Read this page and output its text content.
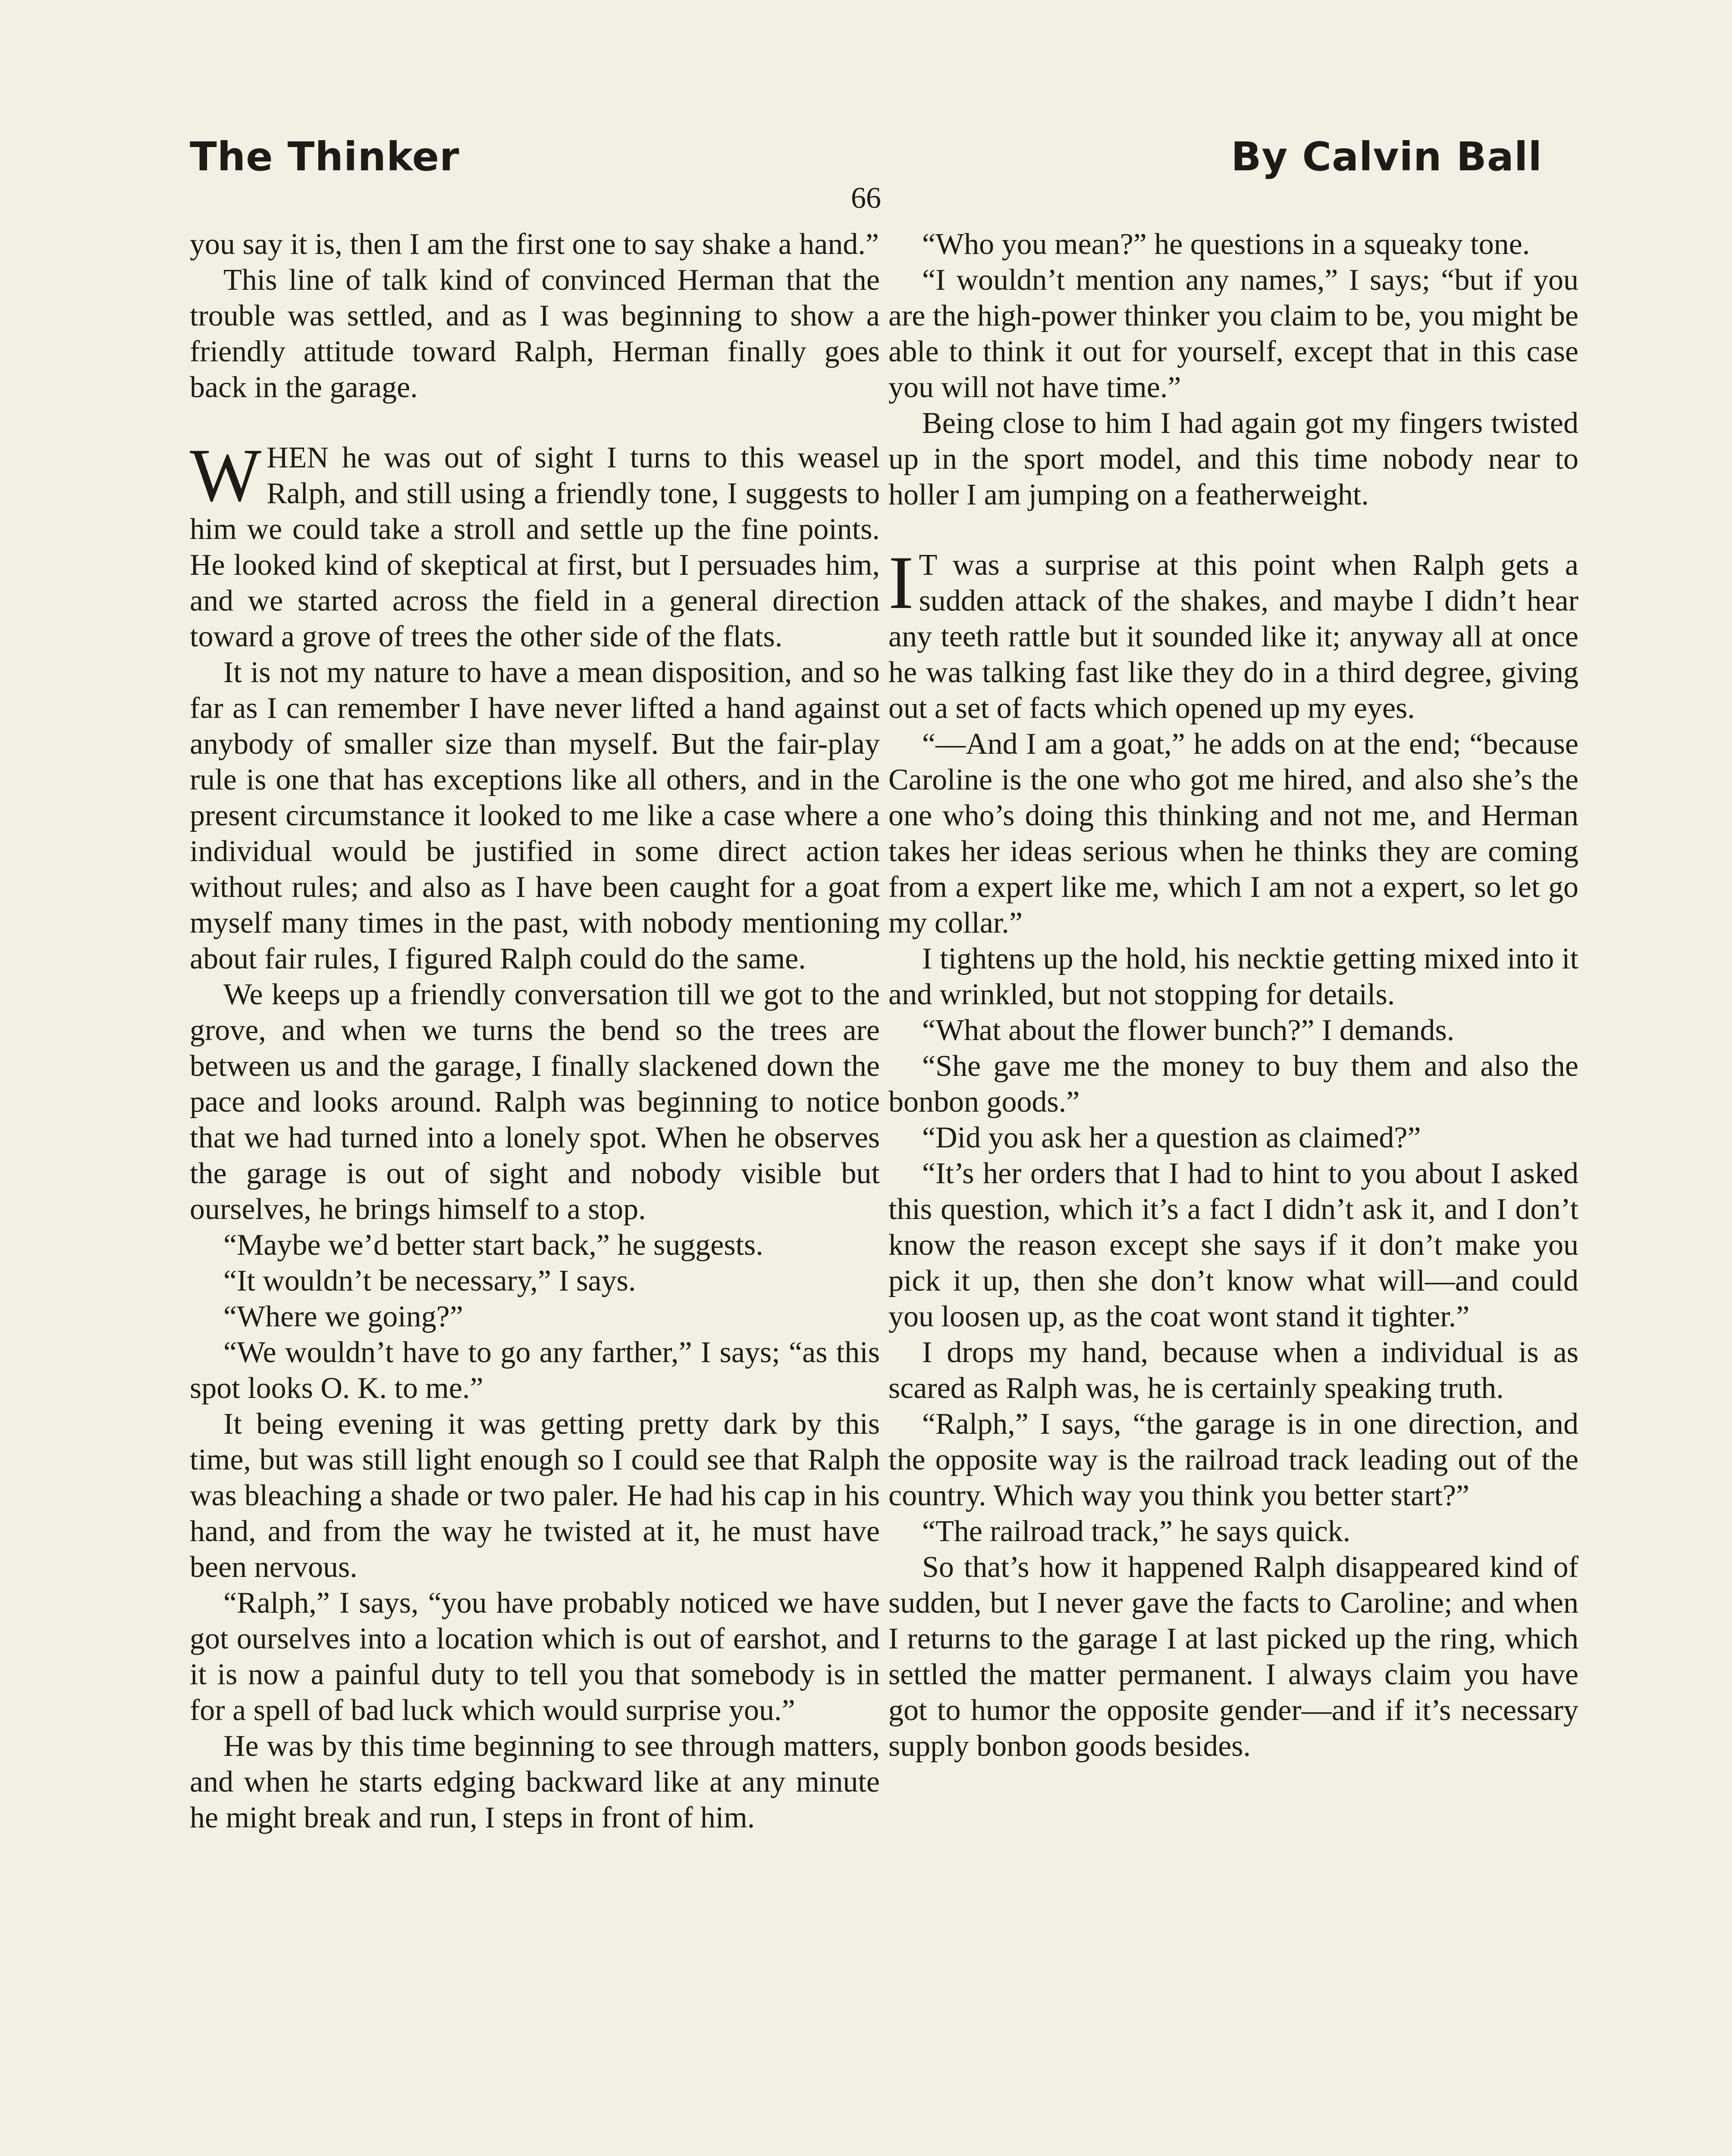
The Thinker	By Calvin Ball
66

you say it is, then I am the first one to say shake a hand.”

This line of talk kind of convinced Herman that the trouble was settled, and as I was beginning to show a friendly attitude toward Ralph, Herman finally goes back in the garage.

WHEN he was out of sight I turns to this weasel Ralph, and still using a friendly tone, I suggests to him we could take a stroll and settle up the fine points. He looked kind of skeptical at first, but I persuades him, and we started across the field in a general direction toward a grove of trees the other side of the flats.

It is not my nature to have a mean disposition, and so far as I can remember I have never lifted a hand against anybody of smaller size than myself. But the fair-play rule is one that has exceptions like all others, and in the present circumstance it looked to me like a case where a individual would be justified in some direct action without rules; and also as I have been caught for a goat myself many times in the past, with nobody mentioning about fair rules, I figured Ralph could do the same.

We keeps up a friendly conversation till we got to the grove, and when we turns the bend so the trees are between us and the garage, I finally slackened down the pace and looks around. Ralph was beginning to notice that we had turned into a lonely spot. When he observes the garage is out of sight and nobody visible but ourselves, he brings himself to a stop.

“Maybe we’d better start back,” he suggests.

“It wouldn’t be necessary,” I says.

“Where we going?”

“We wouldn’t have to go any farther,” I says; “as this spot looks O. K. to me.”

It being evening it was getting pretty dark by this time, but was still light enough so I could see that Ralph was bleaching a shade or two paler. He had his cap in his hand, and from the way he twisted at it, he must have been nervous.

“Ralph,” I says, “you have probably noticed we have got ourselves into a location which is out of earshot, and it is now a painful duty to tell you that somebody is in for a spell of bad luck which would surprise you.”

He was by this time beginning to see through matters, and when he starts edging backward like at any minute he might break and run, I steps in front of him.

“Who you mean?” he questions in a squeaky tone.

“I wouldn’t mention any names,” I says; “but if you are the high-power thinker you claim to be, you might be able to think it out for yourself, except that in this case you will not have time.”

Being close to him I had again got my fingers twisted up in the sport model, and this time nobody near to holler I am jumping on a featherweight.

I T was a surprise at this point when Ralph gets a sudden attack of the shakes, and maybe I didn’t hear any teeth rattle but it sounded like it; anyway all at once he was talking fast like they do in a third degree, giving out a set of facts which opened up my eyes.

“—And I am a goat,” he adds on at the end; “because Caroline is the one who got me hired, and also she’s the one who’s doing this thinking and not me, and Herman takes her ideas serious when he thinks they are coming from a expert like me, which I am not a expert, so let go my collar.”

I tightens up the hold, his necktie getting mixed into it and wrinkled, but not stopping for details.

“What about the flower bunch?” I demands.

“She gave me the money to buy them and also the bonbon goods.”

“Did you ask her a question as claimed?”

“It’s her orders that I had to hint to you about I asked this question, which it’s a fact I didn’t ask it, and I don’t know the reason except she says if it don’t make you pick it up, then she don’t know what will—and could you loosen up, as the coat wont stand it tighter.”

I drops my hand, because when a individual is as scared as Ralph was, he is certainly speaking truth.

“Ralph,” I says, “the garage is in one direction, and the opposite way is the railroad track leading out of the country. Which way you think you better start?”

“The railroad track,” he says quick.

So that’s how it happened Ralph disappeared kind of sudden, but I never gave the facts to Caroline; and when I returns to the garage I at last picked up the ring, which settled the matter permanent. I always claim you have got to humor the opposite gender—and if it’s necessary supply bonbon goods besides.
